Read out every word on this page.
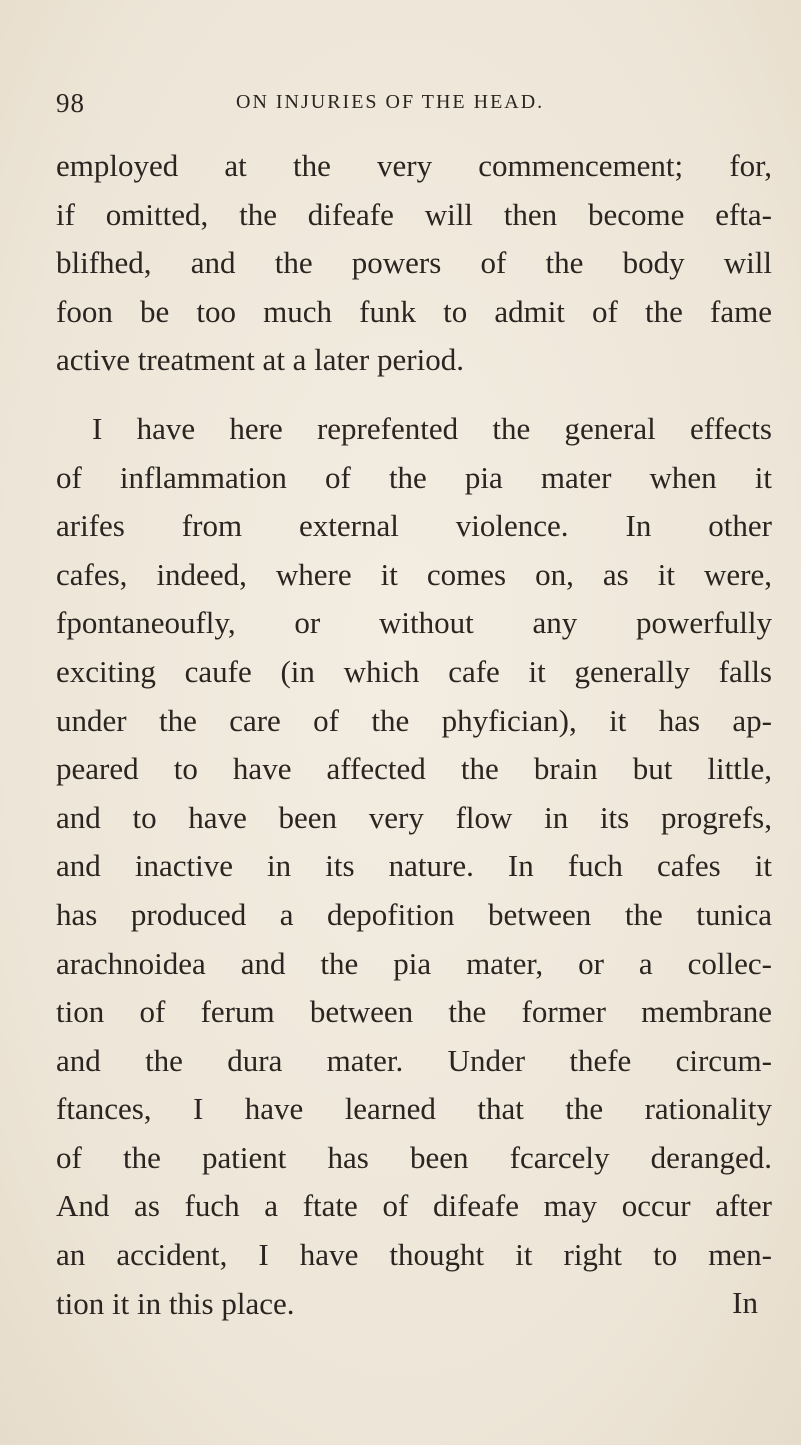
98	ON INJURIES OF THE HEAD.
employed at the very commencement; for,
if omitted, the difeafe will then become efta-
blifhed, and the powers of the body will
foon be too much funk to admit of the fame
active treatment at a later period.
I have here reprefented the general effects
of inflammation of the pia mater when it
arifes from external violence. In other
cafes, indeed, where it comes on, as it were,
fpontaneoufly, or without any powerfully
exciting caufe (in which cafe it generally falls
under the care of the phyfician), it has ap-
peared to have affected the brain but little,
and to have been very flow in its progrefs,
and inactive in its nature. In fuch cafes it
has produced a depofition between the tunica
arachnoidea and the pia mater, or a collec-
tion of ferum between the former membrane
and the dura mater. Under thefe circum-
ftances, I have learned that the rationality
of the patient has been fcarcely deranged.
And as fuch a ftate of difeafe may occur after
an accident, I have thought it right to men-
tion it in this place.	In
